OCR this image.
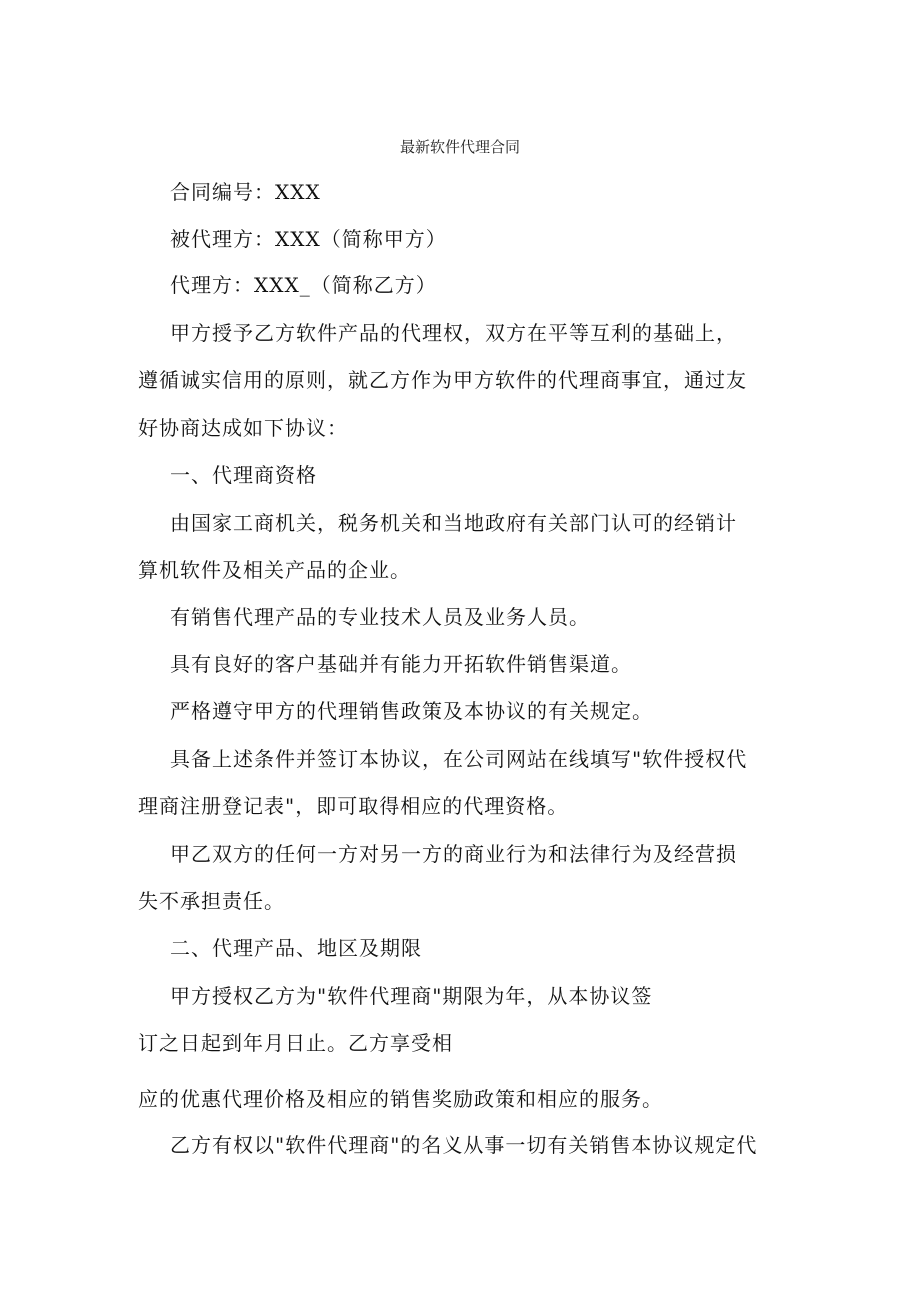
最新软件代理合同
合同编号：XXX
被代理方：XXX（简称甲方）
代理方：XXX_（简称乙方）
甲方授予乙方软件产品的代理权，双方在平等互利的基础上，
遵循诚实信用的原则，就乙方作为甲方软件的代理商事宜，通过友
好协商达成如下协议：
一、代理商资格
由国家工商机关，税务机关和当地政府有关部门认可的经销计
算机软件及相关产品的企业。
有销售代理产品的专业技术人员及业务人员。
具有良好的客户基础并有能力开拓软件销售渠道。
严格遵守甲方的代理销售政策及本协议的有关规定。
具备上述条件并签订本协议，在公司网站在线填写"软件授权代
理商注册登记表"，即可取得相应的代理资格。
甲乙双方的任何一方对另一方的商业行为和法律行为及经营损
失不承担责任。
二、代理产品、地区及期限
甲方授权乙方为"软件代理商"期限为年，从本协议签
订之日起到年月日止。乙方享受相
应的优惠代理价格及相应的销售奖励政策和相应的服务。
乙方有权以"软件代理商"的名义从事一切有关销售本协议规定代
